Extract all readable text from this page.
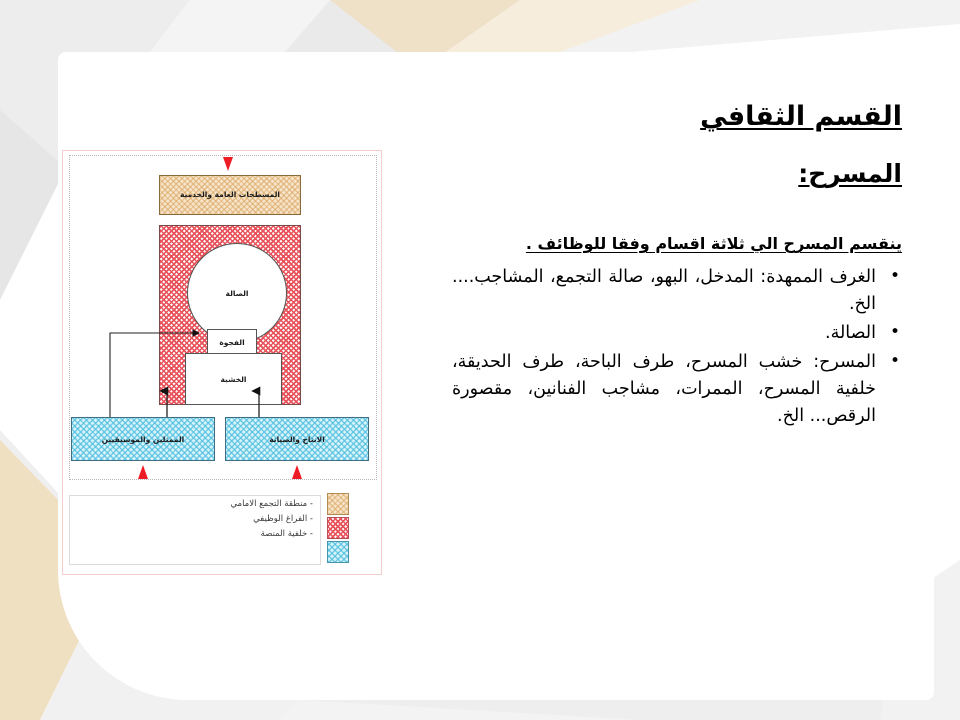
القسم الثقافي
المسرح:

ينقسم المسرح الي ثلاثة اقسام وفقا للوظائف .

• الغرف الممهدة: المدخل، البهو، صالة التجمع، المشاجب.... الخ.
• الصالة.
• المسرح: خشب المسرح، طرف الباحة، طرف الحديقة، خلفية المسرح، الممرات، مشاجب الفنانين، مقصورة الرقص... الخ.
المسطحات العامة والخدمية
الصالة
الفجوة
الخشبة
الممثلين والموسيقيين	الانتاج والصيانة
- منطقة التجمع الامامي
- الفراغ الوظيفي
- خلفية المنصة
